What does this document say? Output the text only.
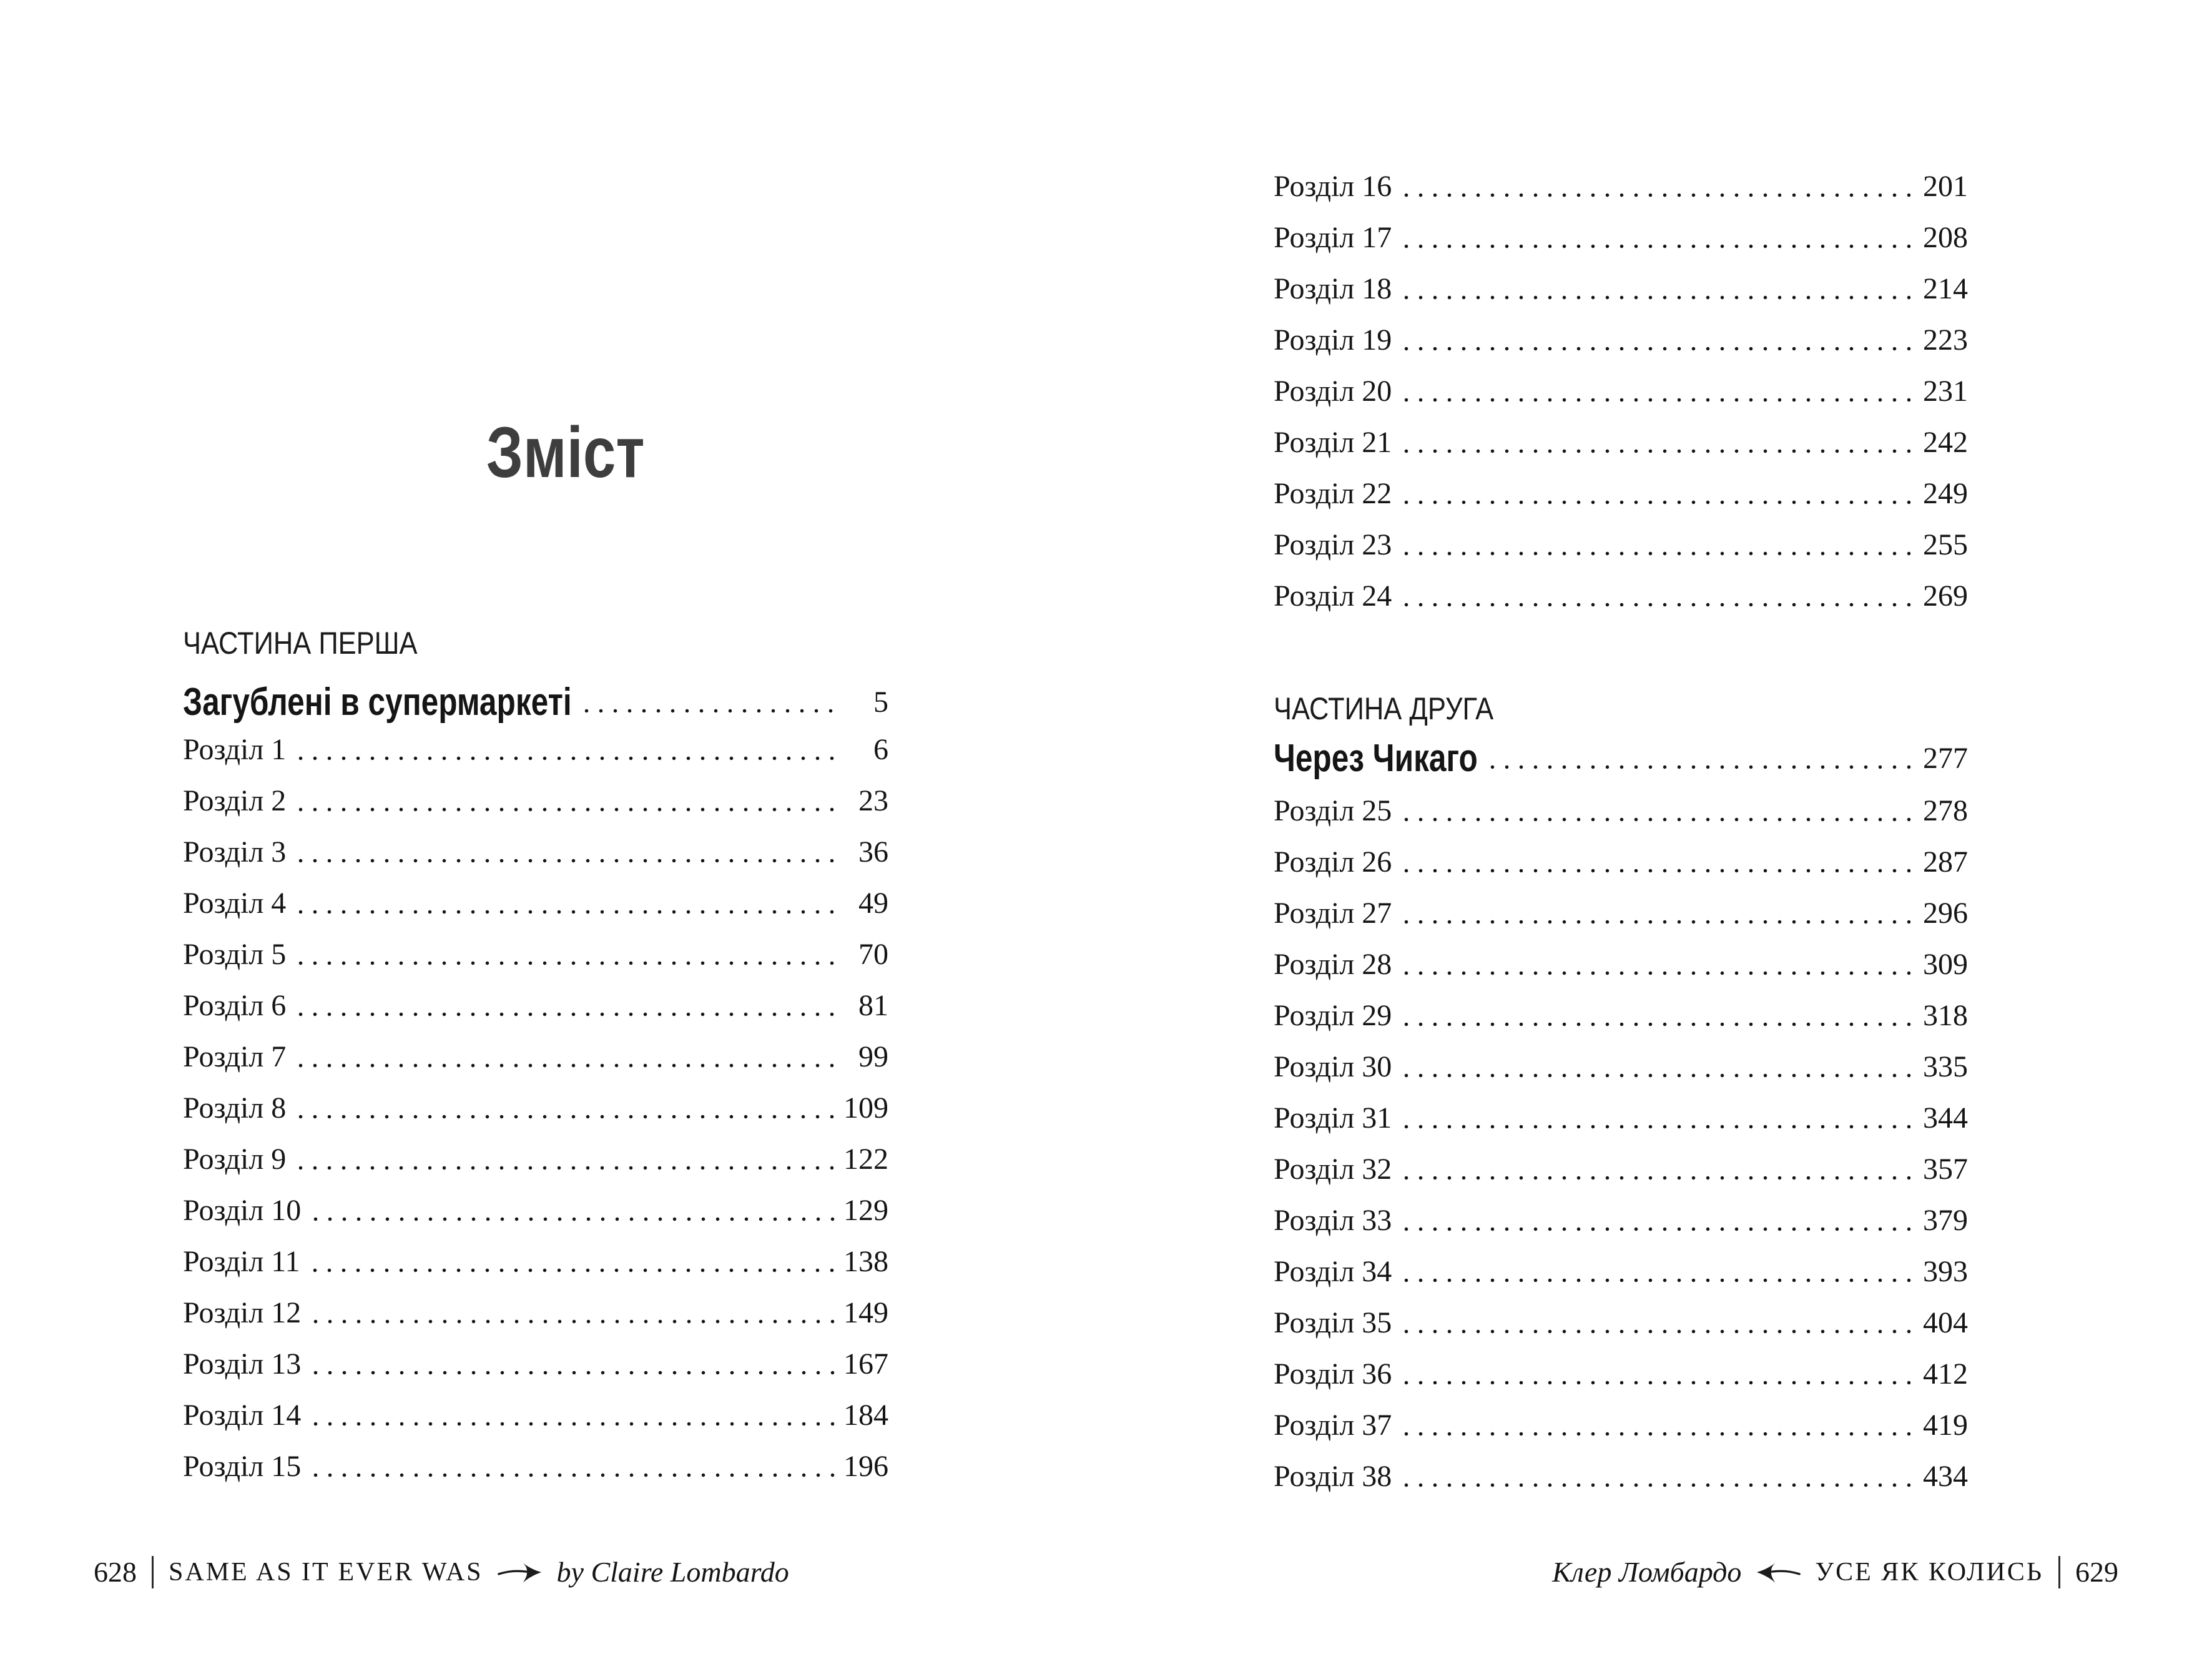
Зміст
ЧАСТИНА ПЕРША
Загублені в супермаркеті	5
Розділ 1	6
Розділ 2	23
Розділ 3	36
Розділ 4	49
Розділ 5	70
Розділ 6	81
Розділ 7	99
Розділ 8	109
Розділ 9	122
Розділ 10	129
Розділ 11	138
Розділ 12	149
Розділ 13	167
Розділ 14	184
Розділ 15	196
628 SAME AS IT EVER WAS	by Claire Lombardo
Розділ 16	201
Розділ 17	208
Розділ 18	214
Розділ 19	223
Розділ 20	231
Розділ 21	242
Розділ 22	249
Розділ 23	255
Розділ 24	269
ЧАСТИНА ДРУГА
Через Чикаго	277
Розділ 25	278
Розділ 26	287
Розділ 27	296
Розділ 28	309
Розділ 29	318
Розділ 30	335
Розділ 31	344
Розділ 32	357
Розділ 33	379
Розділ 34	393
Розділ 35	404
Розділ 36	412
Розділ 37	419
Розділ 38	434
Клер Ломбардо	УСЕ ЯК КОЛИСЬ 629
